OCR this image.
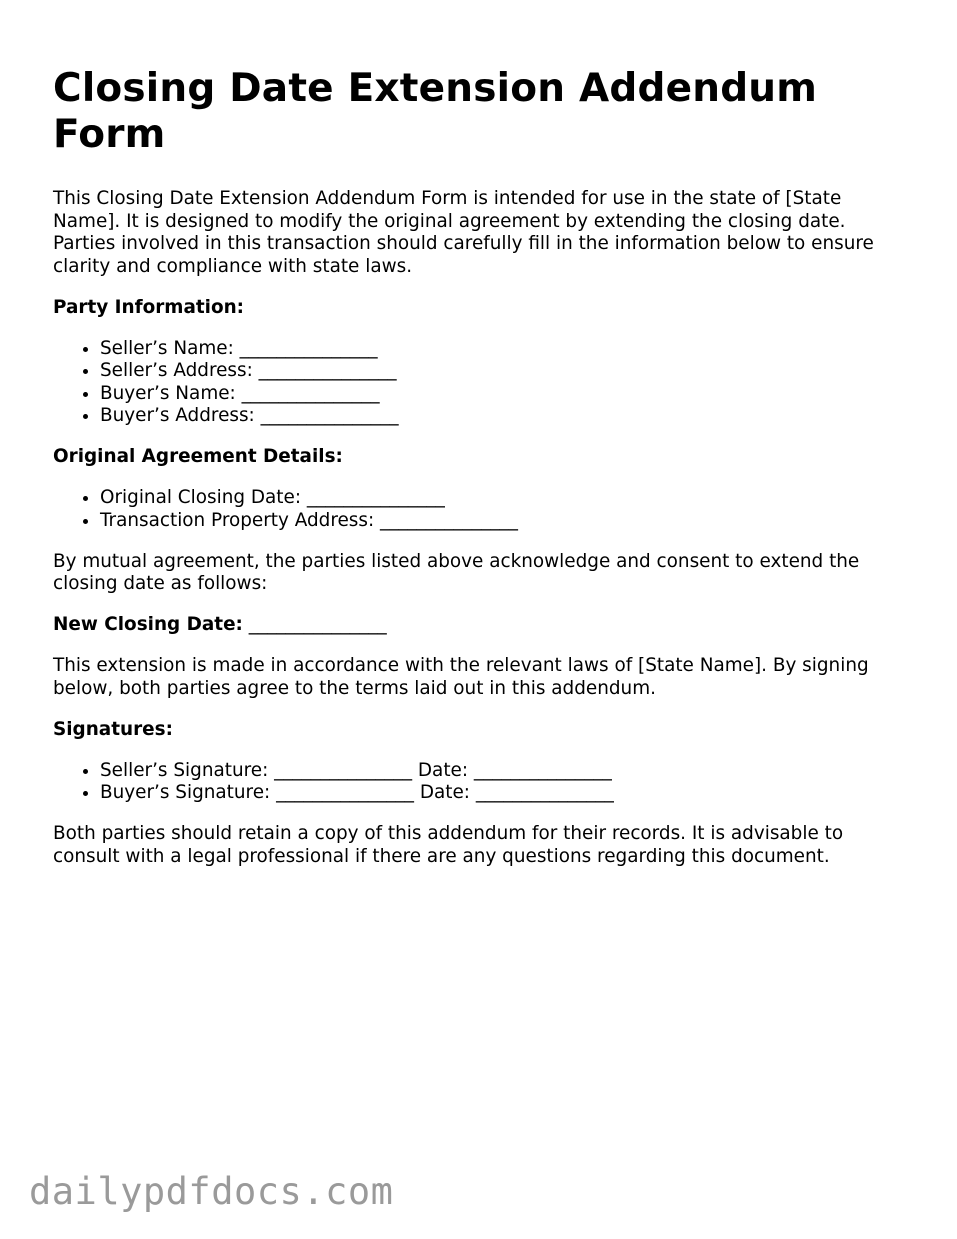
Closing Date Extension Addendum Form

This Closing Date Extension Addendum Form is intended for use in the state of [State Name]. It is designed to modify the original agreement by extending the closing date. Parties involved in this transaction should carefully fill in the information below to ensure clarity and compliance with state laws.

Party Information:
• Seller’s Name: _______________
• Seller’s Address: _______________
• Buyer’s Name: _______________
• Buyer’s Address: _______________
Original Agreement Details:
• Original Closing Date: _______________
• Transaction Property Address: _______________

By mutual agreement, the parties listed above acknowledge and consent to extend the closing date as follows:

New Closing Date: _______________

This extension is made in accordance with the relevant laws of [State Name]. By signing below, both parties agree to the terms laid out in this addendum.

Signatures:
• Seller’s Signature: _______________ Date: _______________
• Buyer’s Signature: _______________ Date: _______________

Both parties should retain a copy of this addendum for their records. It is advisable to consult with a legal professional if there are any questions regarding this document.

dailypdfdocs.com
